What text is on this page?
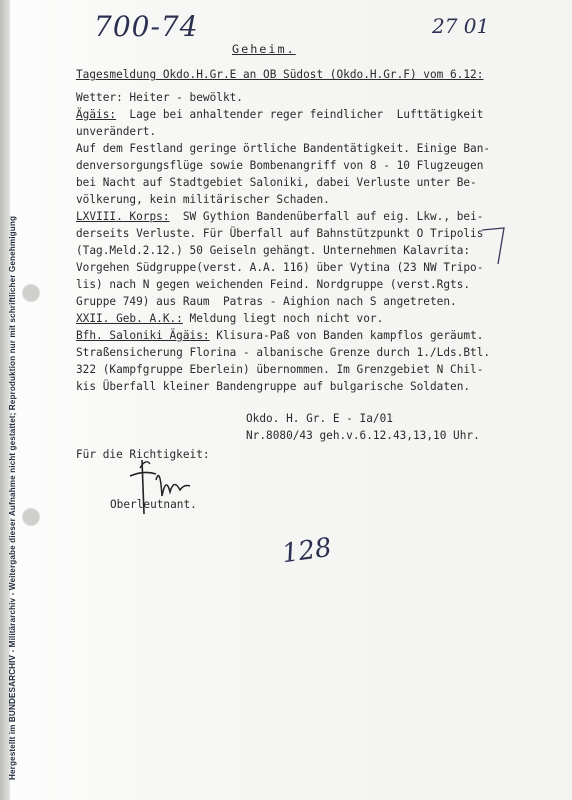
Hergestellt im BUNDESARCHIV - Militärarchiv - Weitergabe dieser Aufnahme nicht gestattet; Reproduktion nur mit schriftlicher Genehmigung
700-74	27 01
Geheim.
Tagesmeldung Okdo.H.Gr.E an OB Südost (Okdo.H.Gr.F) vom 6.12:
Wetter: Heiter - bewölkt.
Ägäis:  Lage bei anhaltender reger feindlicher  Lufttätigkeit
unverändert.
Auf dem Festland geringe örtliche Bandentätigkeit. Einige Ban-
denversorgungsflüge sowie Bombenangriff von 8 - 10 Flugzeugen
bei Nacht auf Stadtgebiet Saloniki, dabei Verluste unter Be-
völkerung, kein militärischer Schaden.
LXVIII. Korps:  SW Gythion Bandenüberfall auf eig. Lkw., bei-
derseits Verluste. Für Überfall auf Bahnstützpunkt O Tripolis
(Tag.Meld.2.12.) 50 Geiseln gehängt. Unternehmen Kalavrita:
Vorgehen Südgruppe(verst. A.A. 116) über Vytina (23 NW Tripo-
lis) nach N gegen weichenden Feind. Nordgruppe (verst.Rgts.
Gruppe 749) aus Raum  Patras - Aighion nach S angetreten.
XXII. Geb. A.K.: Meldung liegt noch nicht vor.
Bfh. Saloniki Ägäis: Klisura-Paß von Banden kampflos geräumt.
Straßensicherung Florina - albanische Grenze durch 1./Lds.Btl.
322 (Kampfgruppe Eberlein) übernommen. Im Grenzgebiet N Chil-
kis Überfall kleiner Bandengruppe auf bulgarische Soldaten.
Okdo. H. Gr. E - Ia/01
Nr.8080/43 geh.v.6.12.43,13,10 Uhr.
Für die Richtigkeit:
Oberleutnant.
128
